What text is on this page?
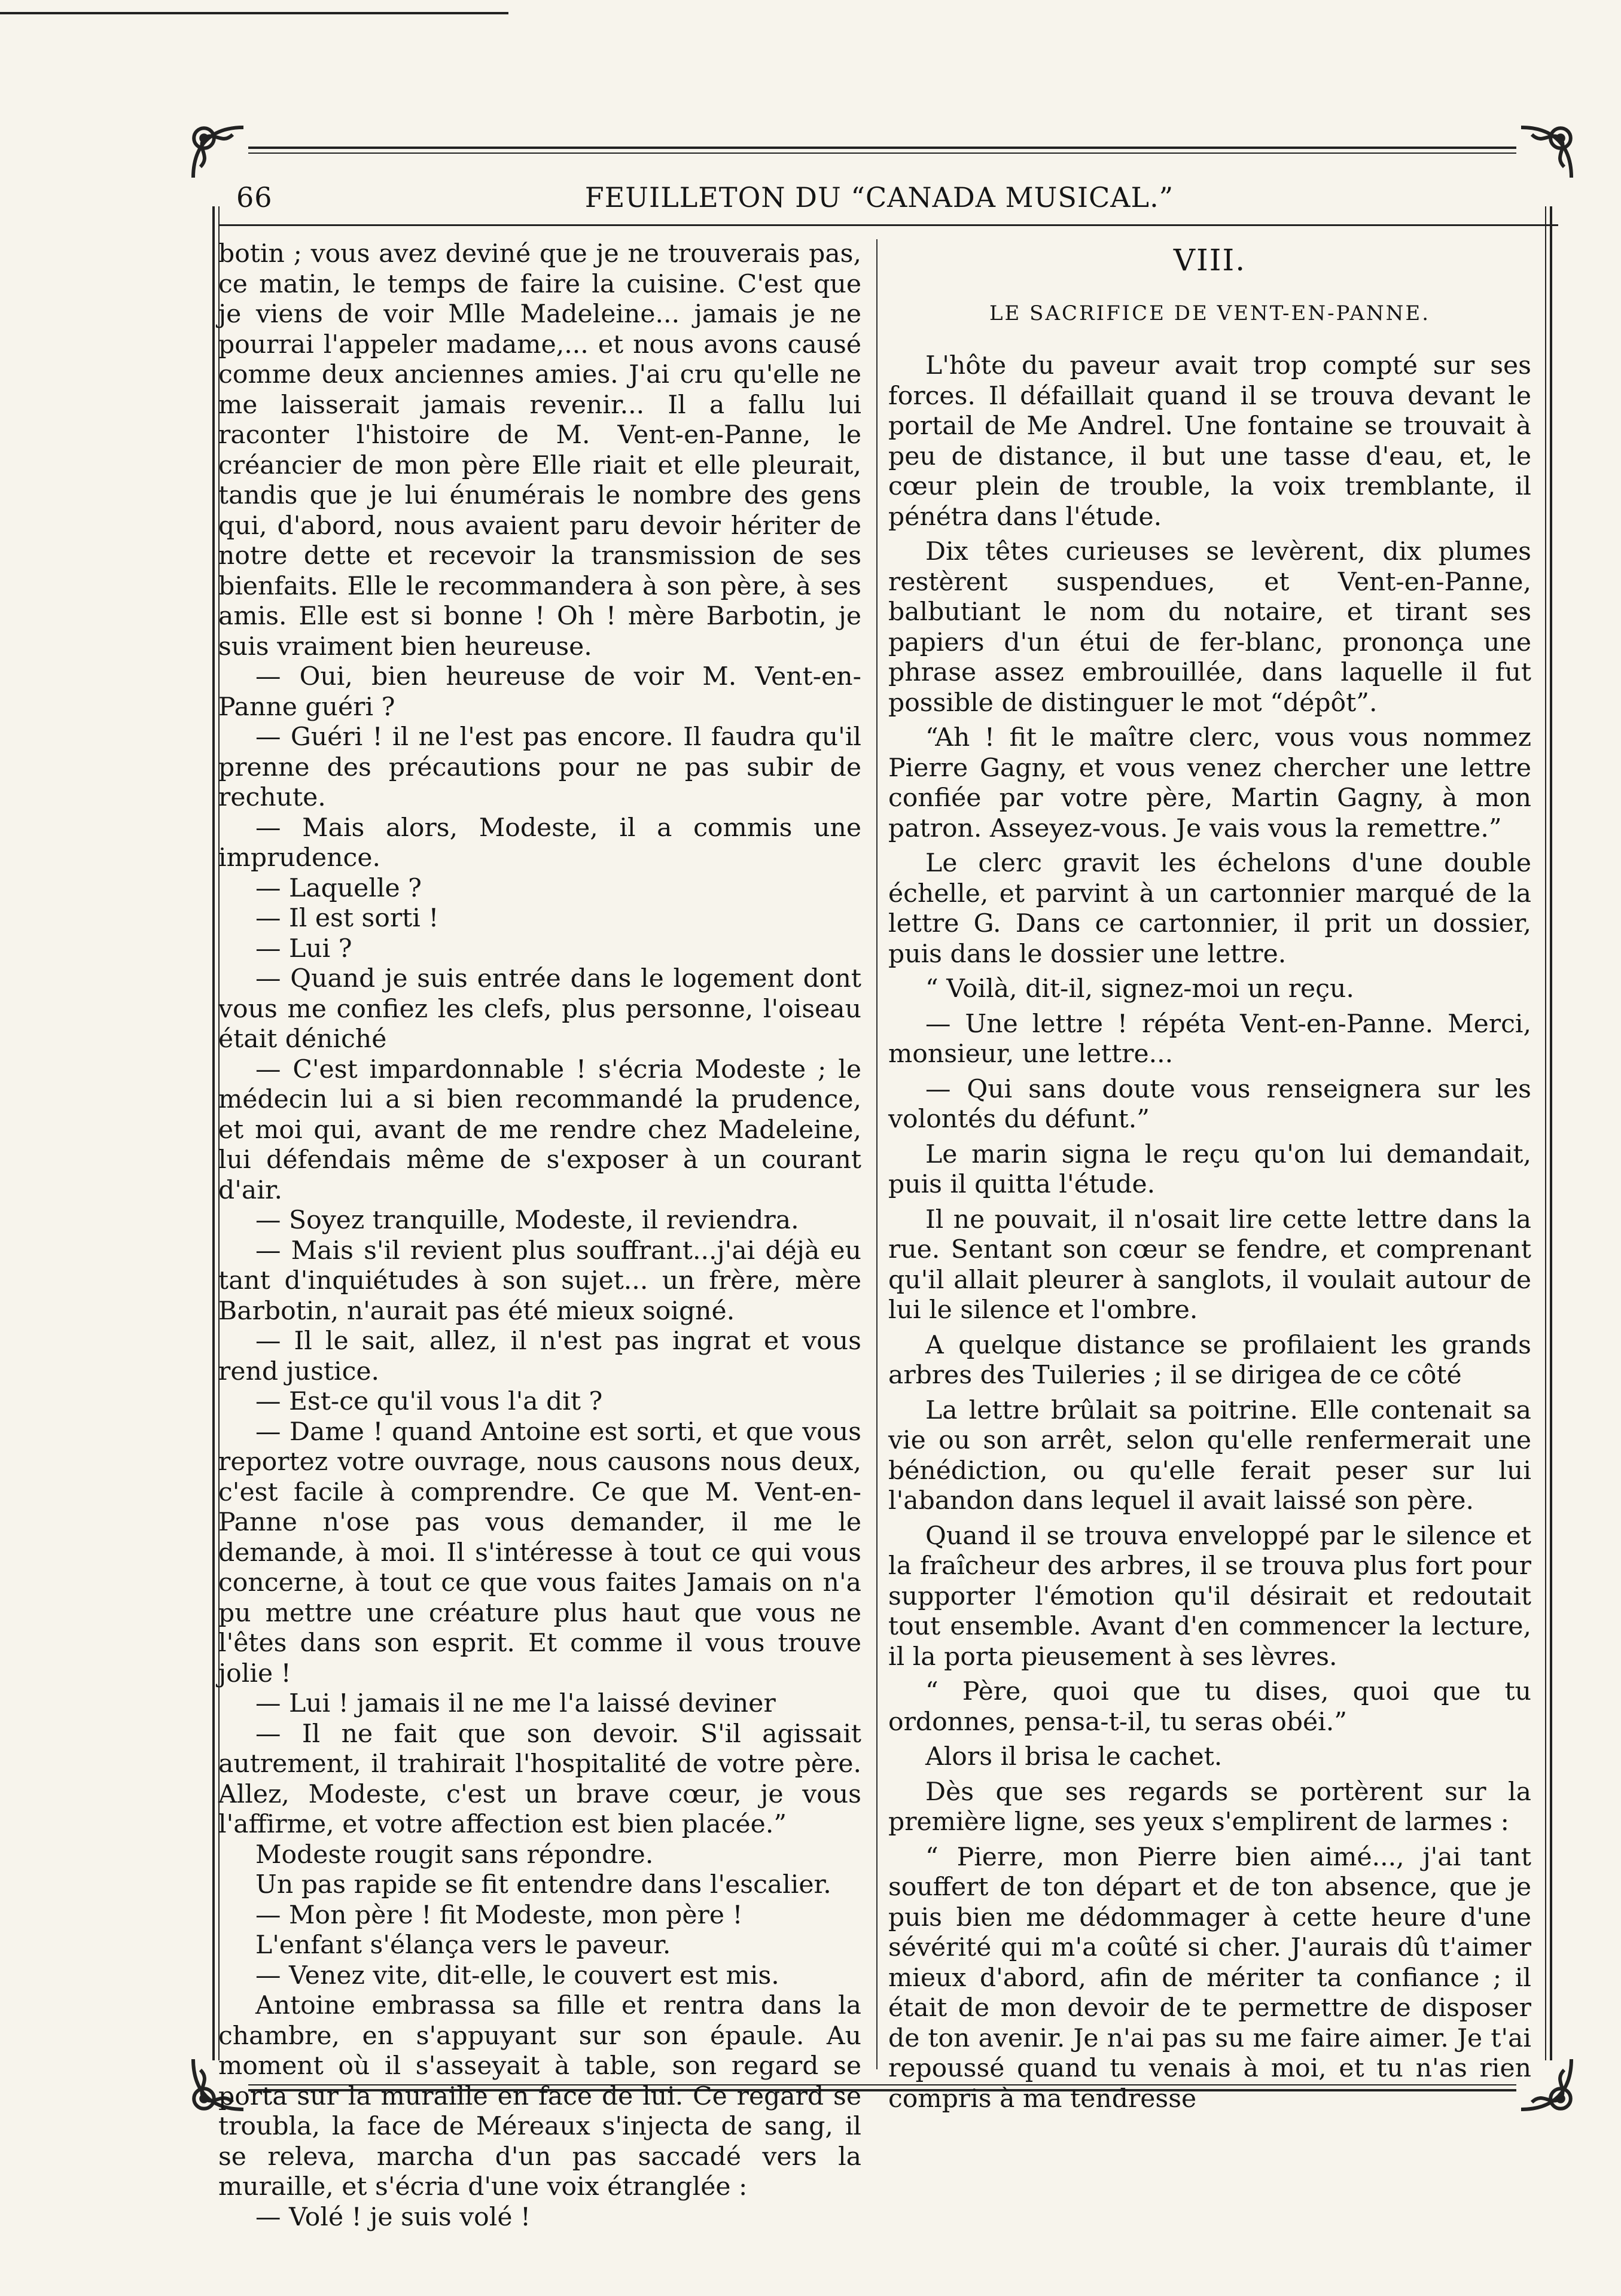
66	FEUILLETON DU “CANADA MUSICAL.”

botin ; vous avez deviné que je ne trouverais pas, ce matin, le temps de faire la cuisine. C'est que je viens de voir Mlle Madeleine... jamais je ne pourrai l'appeler madame,... et nous avons causé comme deux anciennes amies. J'ai cru qu'elle ne me laisserait jamais revenir... Il a fallu lui raconter l'histoire de M. Vent-en-Panne, le créancier de mon père Elle riait et elle pleurait, tandis que je lui énumérais le nombre des gens qui, d'abord, nous avaient paru devoir hériter de notre dette et recevoir la transmission de ses bienfaits. Elle le recommandera à son père, à ses amis. Elle est si bonne ! Oh ! mère Barbotin, je suis vraiment bien heureuse.

— Oui, bien heureuse de voir M. Vent-en-Panne guéri ?

— Guéri ! il ne l'est pas encore. Il faudra qu'il prenne des précautions pour ne pas subir de rechute.

— Mais alors, Modeste, il a commis une imprudence.

— Laquelle ?

— Il est sorti !

— Lui ?

— Quand je suis entrée dans le logement dont vous me confiez les clefs, plus personne, l'oiseau était déniché

— C'est impardonnable ! s'écria Modeste ; le médecin lui a si bien recommandé la prudence, et moi qui, avant de me rendre chez Madeleine, lui défendais même de s'exposer à un courant d'air.

— Soyez tranquille, Modeste, il reviendra.

— Mais s'il revient plus souffrant...j'ai déjà eu tant d'inquiétudes à son sujet... un frère, mère Barbotin, n'aurait pas été mieux soigné.

— Il le sait, allez, il n'est pas ingrat et vous rend justice.

— Est-ce qu'il vous l'a dit ?

— Dame ! quand Antoine est sorti, et que vous reportez votre ouvrage, nous causons nous deux, c'est facile à comprendre. Ce que M. Vent-en-Panne n'ose pas vous demander, il me le demande, à moi. Il s'intéresse à tout ce qui vous concerne, à tout ce que vous faites Jamais on n'a pu mettre une créature plus haut que vous ne l'êtes dans son esprit. Et comme il vous trouve jolie !

— Lui ! jamais il ne me l'a laissé deviner

— Il ne fait que son devoir. S'il agissait autrement, il trahirait l'hospitalité de votre père. Allez, Modeste, c'est un brave cœur, je vous l'affirme, et votre affection est bien placée.”

Modeste rougit sans répondre.

Un pas rapide se fit entendre dans l'escalier.

— Mon père ! fit Modeste, mon père !

L'enfant s'élança vers le paveur.

— Venez vite, dit-elle, le couvert est mis.

Antoine embrassa sa fille et rentra dans la chambre, en s'appuyant sur son épaule. Au moment où il s'asseyait à table, son regard se porta sur la muraille en face de lui. Ce regard se troubla, la face de Méreaux s'injecta de sang, il se releva, marcha d'un pas saccadé vers la muraille, et s'écria d'une voix étranglée :

— Volé ! je suis volé !

VIII.
LE SACRIFICE DE VENT-EN-PANNE.

L'hôte du paveur avait trop compté sur ses forces. Il défaillait quand il se trouva devant le portail de Me Andrel. Une fontaine se trouvait à peu de distance, il but une tasse d'eau, et, le cœur plein de trouble, la voix tremblante, il pénétra dans l'étude.

Dix têtes curieuses se levèrent, dix plumes restèrent suspendues, et Vent-en-Panne, balbutiant le nom du notaire, et tirant ses papiers d'un étui de fer-blanc, prononça une phrase assez embrouillée, dans laquelle il fut possible de distinguer le mot “dépôt”.

“Ah ! fit le maître clerc, vous vous nommez Pierre Gagny, et vous venez chercher une lettre confiée par votre père, Martin Gagny, à mon patron. Asseyez-vous. Je vais vous la remettre.”

Le clerc gravit les échelons d'une double échelle, et parvint à un cartonnier marqué de la lettre G. Dans ce cartonnier, il prit un dossier, puis dans le dossier une lettre.

“ Voilà, dit-il, signez-moi un reçu.

— Une lettre ! répéta Vent-en-Panne. Merci, monsieur, une lettre...

— Qui sans doute vous renseignera sur les volontés du défunt.”

Le marin signa le reçu qu'on lui demandait, puis il quitta l'étude.

Il ne pouvait, il n'osait lire cette lettre dans la rue. Sentant son cœur se fendre, et comprenant qu'il allait pleurer à sanglots, il voulait autour de lui le silence et l'ombre.

A quelque distance se profilaient les grands arbres des Tuileries ; il se dirigea de ce côté

La lettre brûlait sa poitrine. Elle contenait sa vie ou son arrêt, selon qu'elle renfermerait une bénédiction, ou qu'elle ferait peser sur lui l'abandon dans lequel il avait laissé son père.

Quand il se trouva enveloppé par le silence et la fraîcheur des arbres, il se trouva plus fort pour supporter l'émotion qu'il désirait et redoutait tout ensemble. Avant d'en commencer la lecture, il la porta pieusement à ses lèvres.

“ Père, quoi que tu dises, quoi que tu ordonnes, pensa-t-il, tu seras obéi.”

Alors il brisa le cachet.

Dès que ses regards se portèrent sur la première ligne, ses yeux s'emplirent de larmes :

“ Pierre, mon Pierre bien aimé..., j'ai tant souffert de ton départ et de ton absence, que je puis bien me dédommager à cette heure d'une sévérité qui m'a coûté si cher. J'aurais dû t'aimer mieux d'abord, afin de mériter ta confiance ; il était de mon devoir de te permettre de disposer de ton avenir. Je n'ai pas su me faire aimer. Je t'ai repoussé quand tu venais à moi, et tu n'as rien compris à ma tendresse
